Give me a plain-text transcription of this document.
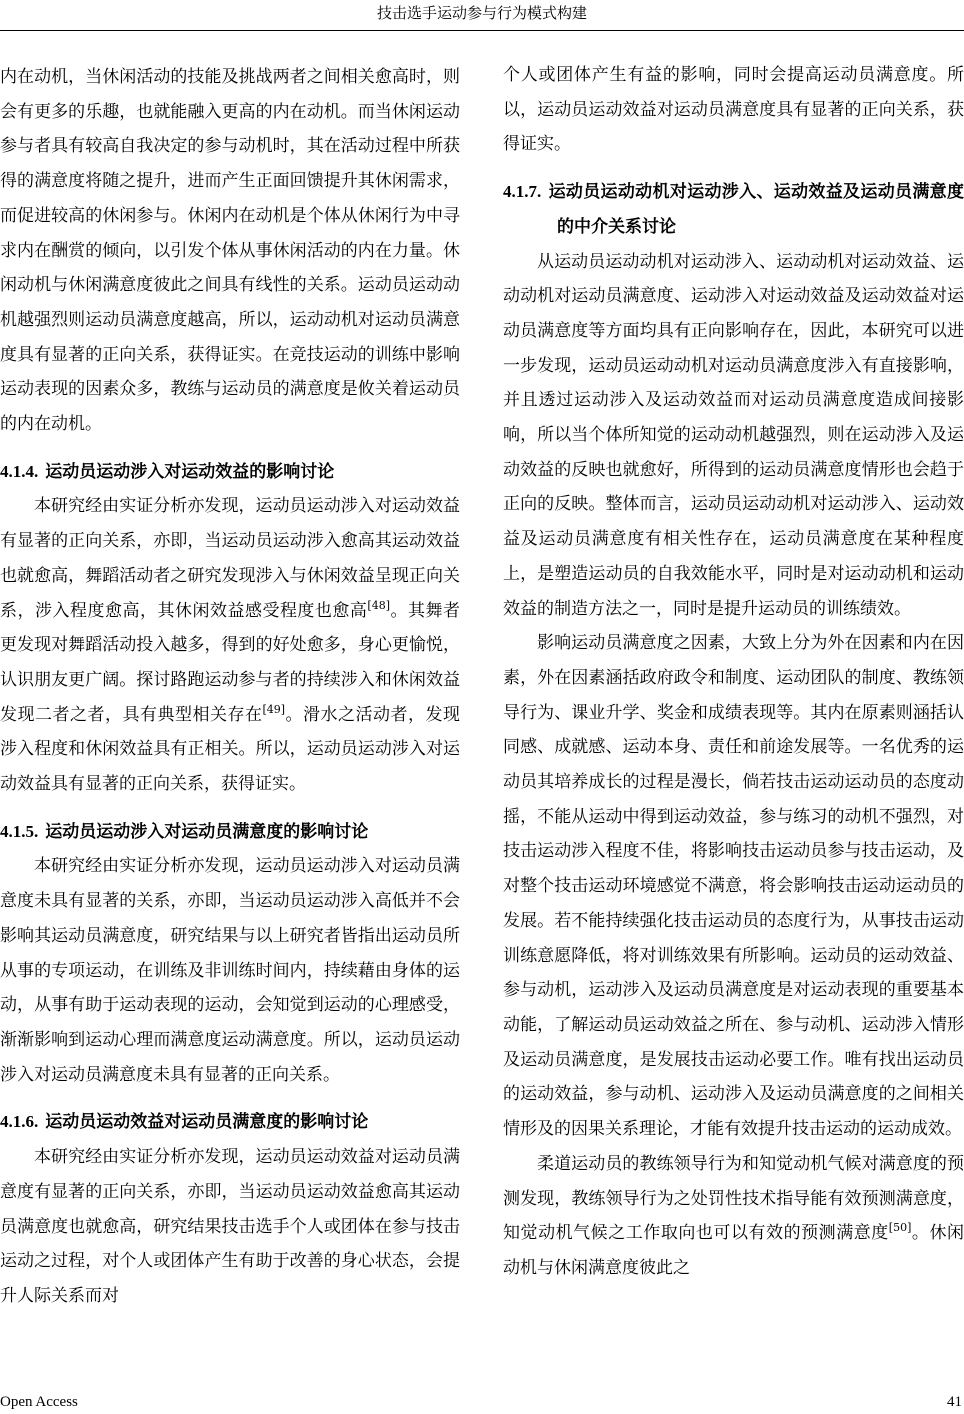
技击选手运动参与行为模式构建

内在动机，当休闲活动的技能及挑战两者之间相关愈高时，则会有更多的乐趣，也就能融入更高的内在动机。而当休闲运动参与者具有较高自我决定的参与动机时，其在活动过程中所获得的满意度将随之提升，进而产生正面回馈提升其休闲需求，而促进较高的休闲参与。休闲内在动机是个体从休闲行为中寻求内在酬赏的倾向，以引发个体从事休闲活动的内在力量。休闲动机与休闲满意度彼此之间具有线性的关系。运动员运动动机越强烈则运动员满意度越高，所以，运动动机对运动员满意度具有显著的正向关系，获得证实。在竞技运动的训练中影响运动表现的因素众多，教练与运动员的满意度是攸关着运动员的内在动机。

4.1.4. 运动员运动涉入对运动效益的影响讨论

本研究经由实证分析亦发现，运动员运动涉入对运动效益有显著的正向关系，亦即，当运动员运动涉入愈高其运动效益也就愈高，舞蹈活动者之研究发现涉入与休闲效益呈现正向关系，涉入程度愈高，其休闲效益感受程度也愈高[48]。其舞者更发现对舞蹈活动投入越多，得到的好处愈多，身心更愉悦，认识朋友更广阔。探讨路跑运动参与者的持续涉入和休闲效益发现二者之者，具有典型相关存在[49]。滑水之活动者，发现涉入程度和休闲效益具有正相关。所以，运动员运动涉入对运动效益具有显著的正向关系，获得证实。

4.1.5. 运动员运动涉入对运动员满意度的影响讨论

本研究经由实证分析亦发现，运动员运动涉入对运动员满意度未具有显著的关系，亦即，当运动员运动涉入高低并不会影响其运动员满意度，研究结果与以上研究者皆指出运动员所从事的专项运动，在训练及非训练时间内，持续藉由身体的运动，从事有助于运动表现的运动，会知觉到运动的心理感受，渐渐影响到运动心理而满意度运动满意度。所以，运动员运动涉入对运动员满意度未具有显著的正向关系。

4.1.6. 运动员运动效益对运动员满意度的影响讨论

本研究经由实证分析亦发现，运动员运动效益对运动员满意度有显著的正向关系，亦即，当运动员运动效益愈高其运动员满意度也就愈高，研究结果技击选手个人或团体在参与技击运动之过程，对个人或团体产生有助于改善的身心状态，会提升人际关系而对

个人或团体产生有益的影响，同时会提高运动员满意度。所以，运动员运动效益对运动员满意度具有显著的正向关系，获得证实。

4.1.7. 运动员运动动机对运动涉入、运动效益及运动员满意度的中介关系讨论

从运动员运动动机对运动涉入、运动动机对运动效益、运动动机对运动员满意度、运动涉入对运动效益及运动效益对运动员满意度等方面均具有正向影响存在，因此，本研究可以进一步发现，运动员运动动机对运动员满意度涉入有直接影响，并且透过运动涉入及运动效益而对运动员满意度造成间接影响，所以当个体所知觉的运动动机越强烈，则在运动涉入及运动效益的反映也就愈好，所得到的运动员满意度情形也会趋于正向的反映。整体而言，运动员运动动机对运动涉入、运动效益及运动员满意度有相关性存在，运动员满意度在某种程度上，是塑造运动员的自我效能水平，同时是对运动动机和运动效益的制造方法之一，同时是提升运动员的训练绩效。

影响运动员满意度之因素，大致上分为外在因素和内在因素，外在因素涵括政府政令和制度、运动团队的制度、教练领导行为、课业升学、奖金和成绩表现等。其内在原素则涵括认同感、成就感、运动本身、责任和前途发展等。一名优秀的运动员其培养成长的过程是漫长，倘若技击运动运动员的态度动摇，不能从运动中得到运动效益，参与练习的动机不强烈，对技击运动涉入程度不佳，将影响技击运动员参与技击运动，及对整个技击运动环境感觉不满意，将会影响技击运动运动员的发展。若不能持续强化技击运动员的态度行为，从事技击运动训练意愿降低，将对训练效果有所影响。运动员的运动效益、参与动机，运动涉入及运动员满意度是对运动表现的重要基本动能，了解运动员运动效益之所在、参与动机、运动涉入情形及运动员满意度，是发展技击运动必要工作。唯有找出运动员的运动效益，参与动机、运动涉入及运动员满意度的之间相关情形及的因果关系理论，才能有效提升技击运动的运动成效。

柔道运动员的教练领导行为和知觉动机气候对满意度的预测发现，教练领导行为之处罚性技术指导能有效预测满意度，知觉动机气候之工作取向也可以有效的预测满意度[50]。休闲动机与休闲满意度彼此之

Open Access	41
